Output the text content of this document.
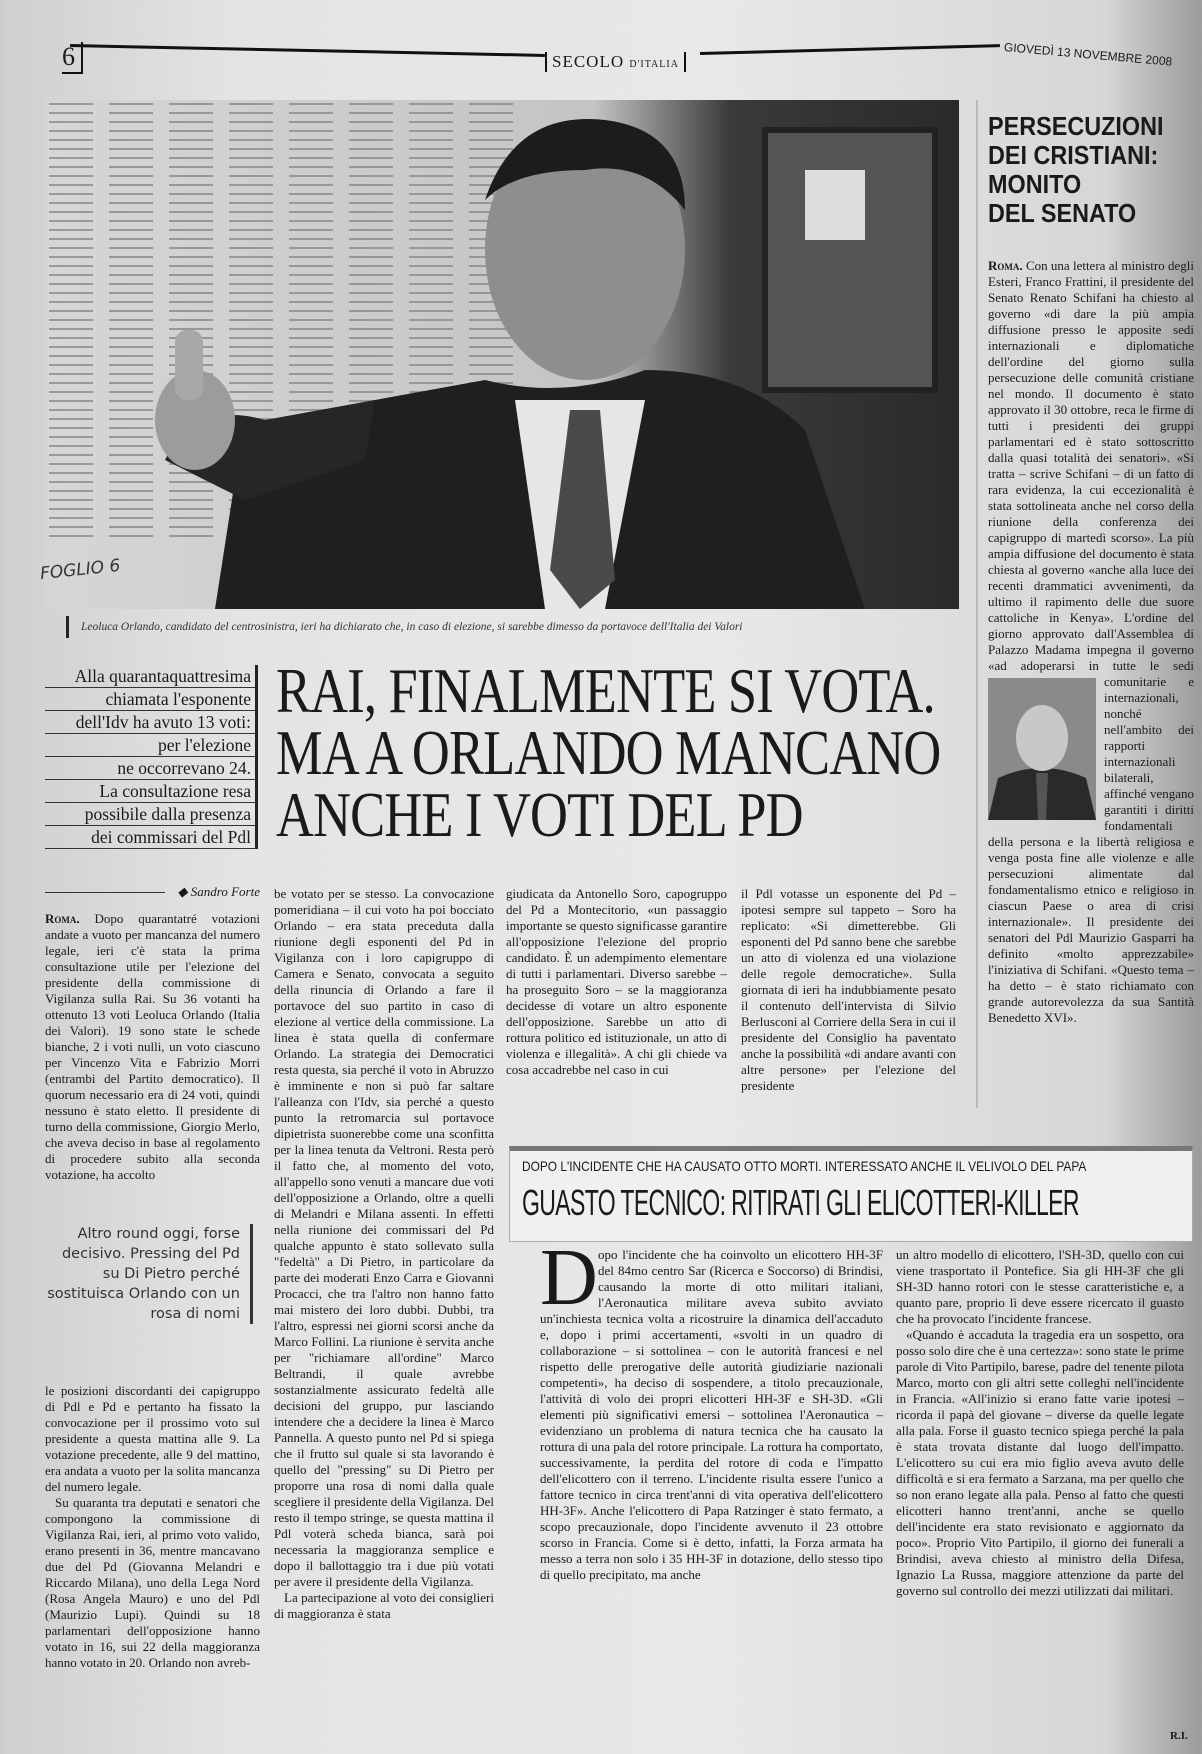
6	SECOLO D'ITALIA	GIOVEDÌ 13 NOVEMBRE 2008
FOGLIO 6
Leoluca Orlando, candidato del centrosinistra, ieri ha dichiarato che, in caso di elezione, si sarebbe dimesso da portavoce dell'Italia dei Valori
Alla quarantaquattresima
chiamata l'esponente
dell'Idv ha avuto 13 voti:
per l'elezione
ne occorrevano 24.
La consultazione resa
possibile dalla presenza
dei commissari del Pdl
RAI, FINALMENTE SI VOTA.
MA A ORLANDO MANCANO
ANCHE I VOTI DEL PD
◆ Sandro Forte

Roma. Dopo quarantatré votazioni andate a vuoto per mancanza del numero legale, ieri c'è stata la prima consultazione utile per l'elezione del presidente della commissione di Vigilanza sulla Rai. Su 36 votanti ha ottenuto 13 voti Leoluca Orlando (Italia dei Valori). 19 sono state le schede bianche, 2 i voti nulli, un voto ciascuno per Vincenzo Vita e Fabrizio Morri (entrambi del Partito democratico). Il quorum necessario era di 24 voti, quindi nessuno è stato eletto. Il presidente di turno della commissione, Giorgio Merlo, che aveva deciso in base al regolamento di procedere subito alla seconda votazione, ha accolto

Altro round oggi, forse decisivo. Pressing del Pd su Di Pietro perché sostituisca Orlando con un rosa di nomi

le posizioni discordanti dei capigruppo di Pdl e Pd e pertanto ha fissato la convocazione per il prossimo voto sul presidente a questa mattina alle 9. La votazione precedente, alle 9 del mattino, era andata a vuoto per la solita mancanza del numero legale.

Su quaranta tra deputati e senatori che compongono la commissione di Vigilanza Rai, ieri, al primo voto valido, erano presenti in 36, mentre mancavano due del Pd (Giovanna Melandri e Riccardo Milana), uno della Lega Nord (Rosa Angela Mauro) e uno del Pdl (Maurizio Lupi). Quindi su 18 parlamentari dell'opposizione hanno votato in 16, sui 22 della maggioranza hanno votato in 20. Orlando non avreb-

be votato per se stesso. La convocazione pomeridiana – il cui voto ha poi bocciato Orlando – era stata preceduta dalla riunione degli esponenti del Pd in Vigilanza con i loro capigruppo di Camera e Senato, convocata a seguito della rinuncia di Orlando a fare il portavoce del suo partito in caso di elezione al vertice della commissione. La linea è stata quella di confermare Orlando. La strategia dei Democratici resta questa, sia perché il voto in Abruzzo è imminente e non si può far saltare l'alleanza con l'Idv, sia perché a questo punto la retromarcia sul portavoce dipietrista suonerebbe come una sconfitta per la linea tenuta da Veltroni. Resta però il fatto che, al momento del voto, all'appello sono venuti a mancare due voti dell'opposizione a Orlando, oltre a quelli di Melandri e Milana assenti. In effetti nella riunione dei commissari del Pd qualche appunto è stato sollevato sulla "fedeltà" a Di Pietro, in particolare da parte dei moderati Enzo Carra e Giovanni Procacci, che tra l'altro non hanno fatto mai mistero dei loro dubbi. Dubbi, tra l'altro, espressi nei giorni scorsi anche da Marco Follini. La riunione è servita anche per "richiamare all'ordine" Marco Beltrandi, il quale avrebbe sostanzialmente assicurato fedeltà alle decisioni del gruppo, pur lasciando intendere che a decidere la linea è Marco Pannella. A questo punto nel Pd si spiega che il frutto sul quale si sta lavorando è quello del "pressing" su Di Pietro per proporre una rosa di nomi dalla quale scegliere il presidente della Vigilanza. Del resto il tempo stringe, se questa mattina il Pdl voterà scheda bianca, sarà poi necessaria la maggioranza semplice e dopo il ballottaggio tra i due più votati per avere il presidente della Vigilanza.

La partecipazione al voto dei consiglieri di maggioranza è stata

giudicata da Antonello Soro, capogruppo del Pd a Montecitorio, «un passaggio importante se questo significasse garantire all'opposizione l'elezione del proprio candidato. È un adempimento elementare di tutti i parlamentari. Diverso sarebbe – ha proseguito Soro – se la maggioranza decidesse di votare un altro esponente dell'opposizione. Sarebbe un atto di rottura politico ed istituzionale, un atto di violenza e illegalità». A chi gli chiede va cosa accadrebbe nel caso in cui

il Pdl votasse un esponente del Pd – ipotesi sempre sul tappeto – Soro ha replicato: «Si dimetterebbe. Gli esponenti del Pd sanno bene che sarebbe un atto di violenza ed una violazione delle regole democratiche». Sulla giornata di ieri ha indubbiamente pesato il contenuto dell'intervista di Silvio Berlusconi al Corriere della Sera in cui il presidente del Consiglio ha paventato anche la possibilità «di andare avanti con altre persone» per l'elezione del presidente

PERSECUZIONI
DEI CRISTIANI:
MONITO
DEL SENATO

Roma. Con una lettera al ministro degli Esteri, Franco Frattini, il presidente del Senato Renato Schifani ha chiesto al governo «di dare la più ampia diffusione presso le apposite sedi internazionali e diplomatiche dell'ordine del giorno sulla persecuzione delle comunità cristiane nel mondo. Il documento è stato approvato il 30 ottobre, reca le firme di tutti i presidenti dei gruppi parlamentari ed è stato sottoscritto dalla quasi totalità dei senatori». «Si tratta – scrive Schifani – di un fatto di rara evidenza, la cui eccezionalità è stata sottolineata anche nel corso della riunione della conferenza dei capigruppo di martedì scorso». La più ampia diffusione del documento è stata chiesta al governo «anche alla luce dei recenti drammatici avvenimenti, da ultimo il rapimento delle due suore cattoliche in Kenya». L'ordine del giorno approvato dall'Assemblea di Palazzo Madama impegna il governo «ad adoperarsi in tutte le sedi comunitarie e internazionali, nonché nell'ambito dei rapporti internazionali bilaterali, affinché vengano garantiti i diritti fondamentali della persona e la libertà religiosa e venga posta fine alle violenze e alle persecuzioni alimentate dal fondamentalismo etnico e religioso in ciascun Paese o area di crisi internazionale». Il presidente dei senatori del Pdl Maurizio Gasparri ha definito «molto apprezzabile» l'iniziativa di Schifani. «Questo tema – ha detto – è stato richiamato con grande autorevolezza da sua Santità Benedetto XVI».

DOPO L'INCIDENTE CHE HA CAUSATO OTTO MORTI. INTERESSATO ANCHE IL VELIVOLO DEL PAPA
GUASTO TECNICO: RITIRATI GLI ELICOTTERI-KILLER
D opo l'incidente che ha coinvolto un elicottero HH-3F del 84mo centro Sar (Ricerca e Soccorso) di Brindisi, causando la morte di otto militari italiani, l'Aeronautica militare aveva subito avviato un'inchiesta tecnica volta a ricostruire la dinamica dell'accaduto e, dopo i primi accertamenti, «svolti in un quadro di collaborazione – si sottolinea – con le autorità francesi e nel rispetto delle prerogative delle autorità giudiziarie nazionali competenti», ha deciso di sospendere, a titolo precauzionale, l'attività di volo dei propri elicotteri HH-3F e SH-3D. «Gli elementi più significativi emersi – sottolinea l'Aeronautica – evidenziano un problema di natura tecnica che ha causato la rottura di una pala del rotore principale. La rottura ha comportato, successivamente, la perdita del rotore di coda e l'impatto dell'elicottero con il terreno. L'incidente risulta essere l'unico a fattore tecnico in circa trent'anni di vita operativa dell'elicottero HH-3F». Anche l'elicottero di Papa Ratzinger è stato fermato, a scopo precauzionale, dopo l'incidente avvenuto il 23 ottobre scorso in Francia. Come si è detto, infatti, la Forza armata ha messo a terra non solo i 35 HH-3F in dotazione, dello stesso tipo di quello precipitato, ma anche

un altro modello di elicottero, l'SH-3D, quello con cui viene trasportato il Pontefice. Sia gli HH-3F che gli SH-3D hanno rotori con le stesse caratteristiche e, a quanto pare, proprio lì deve essere ricercato il guasto che ha provocato l'incidente francese.

«Quando è accaduta la tragedia era un sospetto, ora posso solo dire che è una certezza»: sono state le prime parole di Vito Partipilo, barese, padre del tenente pilota Marco, morto con gli altri sette colleghi nell'incidente in Francia. «All'inizio si erano fatte varie ipotesi – ricorda il papà del giovane – diverse da quelle legate alla pala. Forse il guasto tecnico spiega perché la pala è stata trovata distante dal luogo dell'impatto. L'elicottero su cui era mio figlio aveva avuto delle difficoltà e si era fermato a Sarzana, ma per quello che so non erano legate alla pala. Penso al fatto che questi elicotteri hanno trent'anni, anche se quello dell'incidente era stato revisionato e aggiornato da poco». Proprio Vito Partipilo, il giorno dei funerali a Brindisi, aveva chiesto al ministro della Difesa, Ignazio La Russa, maggiore attenzione da parte del governo sul controllo dei mezzi utilizzati dai militari.

R.I.
